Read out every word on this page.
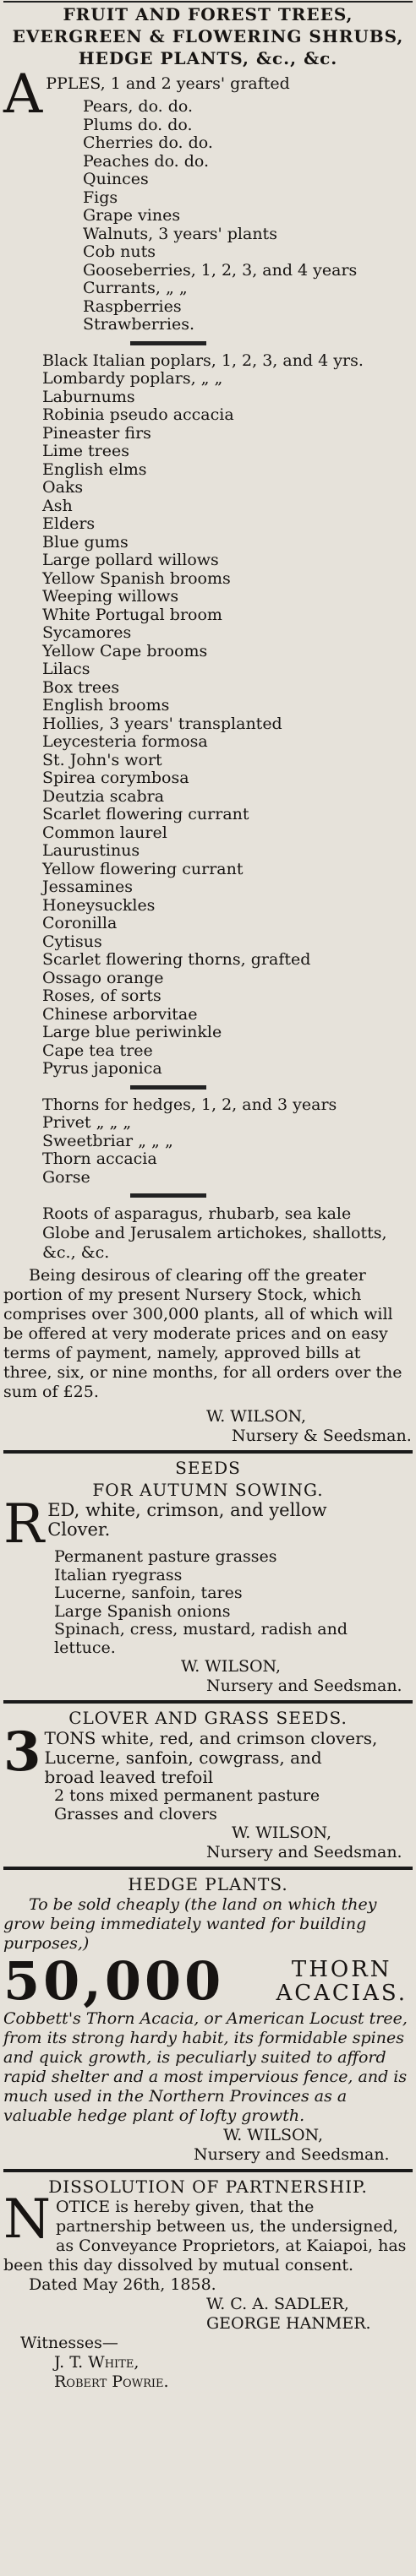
FRUIT AND FOREST TREES,
EVERGREEN & FLOWERING SHRUBS,
HEDGE PLANTS, &c., &c.
A PPLES, 1 and 2 years' grafted
Pears, do. do.
Plums do. do.
Cherries do. do.
Peaches do. do.
Quinces
Figs
Grape vines
Walnuts, 3 years' plants
Cob nuts
Gooseberries, 1, 2, 3, and 4 years
Currants, „ „
Raspberries
Strawberries.
Black Italian poplars, 1, 2, 3, and 4 yrs.
Lombardy poplars, „ „
Laburnums
Robinia pseudo accacia
Pineaster firs
Lime trees
English elms
Oaks
Ash
Elders
Blue gums
Large pollard willows
Yellow Spanish brooms
Weeping willows
White Portugal broom
Sycamores
Yellow Cape brooms
Lilacs
Box trees
English brooms
Hollies, 3 years' transplanted
Leycesteria formosa
St. John's wort
Spirea corymbosa
Deutzia scabra
Scarlet flowering currant
Common laurel
Laurustinus
Yellow flowering currant
Jessamines
Honeysuckles
Coronilla
Cytisus
Scarlet flowering thorns, grafted
Ossago orange
Roses, of sorts
Chinese arborvitae
Large blue periwinkle
Cape tea tree
Pyrus japonica
Thorns for hedges, 1, 2, and 3 years
Privet „ „ „
Sweetbriar „ „ „
Thorn accacia
Gorse
Roots of asparagus, rhubarb, sea kale Globe and Jerusalem artichokes, shallotts, &c., &c.
Being desirous of clearing off the greater portion of my present Nursery Stock, which comprises over 300,000 plants, all of which will be offered at very moderate prices and on easy terms of payment, namely, approved bills at three, six, or nine months, for all orders over the sum of £25.
W. WILSON,
Nursery & Seedsman.
SEEDS
FOR AUTUMN SOWING.
R ED, white, crimson, and yellow
Clover.
Permanent pasture grasses
Italian ryegrass
Lucerne, sanfoin, tares
Large Spanish onions
Spinach, cress, mustard, radish and
lettuce.
W. WILSON,
Nursery and Seedsman.
CLOVER AND GRASS SEEDS.
3 TONS white, red, and crimson clovers,
Lucerne, sanfoin, cowgrass, and
broad leaved trefoil
2 tons mixed permanent pasture
Grasses and clovers
W. WILSON,
Nursery and Seedsman.
HEDGE PLANTS.
To be sold cheaply (the land on which they grow being immediately wanted for building purposes,)
50,000	THORN
ACACIAS.
Cobbett's Thorn Acacia, or American Locust tree, from its strong hardy habit, its formidable spines and quick growth, is peculiarly suited to afford rapid shelter and a most impervious fence, and is much used in the Northern Provinces as a valuable hedge plant of lofty growth.
W. WILSON,
Nursery and Seedsman.
DISSOLUTION OF PARTNERSHIP.
N OTICE is hereby given, that the partnership between us, the undersigned, as Conveyance Proprietors, at Kaiapoi, has been this day dissolved by mutual consent.
Dated May 26th, 1858.
W. C. A. SADLER,
GEORGE HANMER.
Witnesses—
J. T. White,
Robert Powrie.
